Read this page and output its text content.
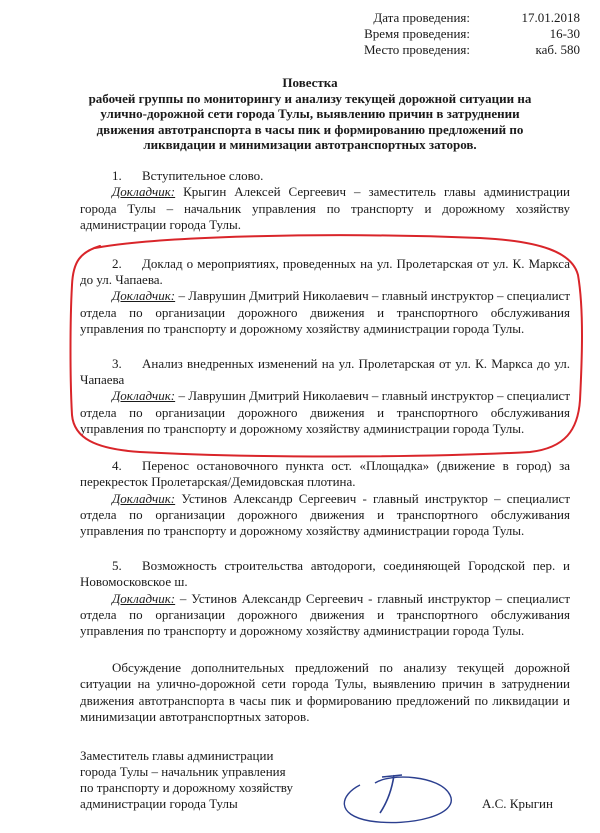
Дата проведения:	17.01.2018
Время проведения:	16-30
Место проведения:	каб. 580
Повестка
рабочей группы по мониторингу и анализу текущей дорожной ситуации на
улично-дорожной сети города Тулы, выявлению причин в затруднении
движения автотранспорта в часы пик и формированию предложений по
ликвидации и минимизации автотранспортных заторов.
1. Вступительное слово.
Докладчик: Крыгин Алексей Сергеевич – заместитель главы администрации города Тулы – начальник управления по транспорту и дорожному хозяйству администрации города Тулы.
2. Доклад о мероприятиях, проведенных на ул. Пролетарская от ул. К. Маркса до ул. Чапаева.
Докладчик: – Лаврушин Дмитрий Николаевич – главный инструктор – специалист отдела по организации дорожного движения и транспортного обслуживания управления по транспорту и дорожному хозяйству администрации города Тулы.
3. Анализ внедренных изменений на ул. Пролетарская от ул. К. Маркса до ул. Чапаева
Докладчик: – Лаврушин Дмитрий Николаевич – главный инструктор – специалист отдела по организации дорожного движения и транспортного обслуживания управления по транспорту и дорожному хозяйству администрации города Тулы.
4. Перенос остановочного пункта ост. «Площадка» (движение в город) за перекресток Пролетарская/Демидовская плотина.
Докладчик: Устинов Александр Сергеевич - главный инструктор – специалист отдела по организации дорожного движения и транспортного обслуживания управления по транспорту и дорожному хозяйству администрации города Тулы.
5. Возможность строительства автодороги, соединяющей Городской пер. и Новомосковское ш.
Докладчик: – Устинов Александр Сергеевич - главный инструктор – специалист отдела по организации дорожного движения и транспортного обслуживания управления по транспорту и дорожному хозяйству администрации города Тулы.
Обсуждение дополнительных предложений по анализу текущей дорожной ситуации на улично-дорожной сети города Тулы, выявлению причин в затруднении движения автотранспорта в часы пик и формированию предложений по ликвидации и минимизации автотранспортных заторов.
Заместитель главы администрации
города Тулы – начальник управления
по транспорту и дорожному хозяйству
администрации города Тулы	А.С. Крыгин
